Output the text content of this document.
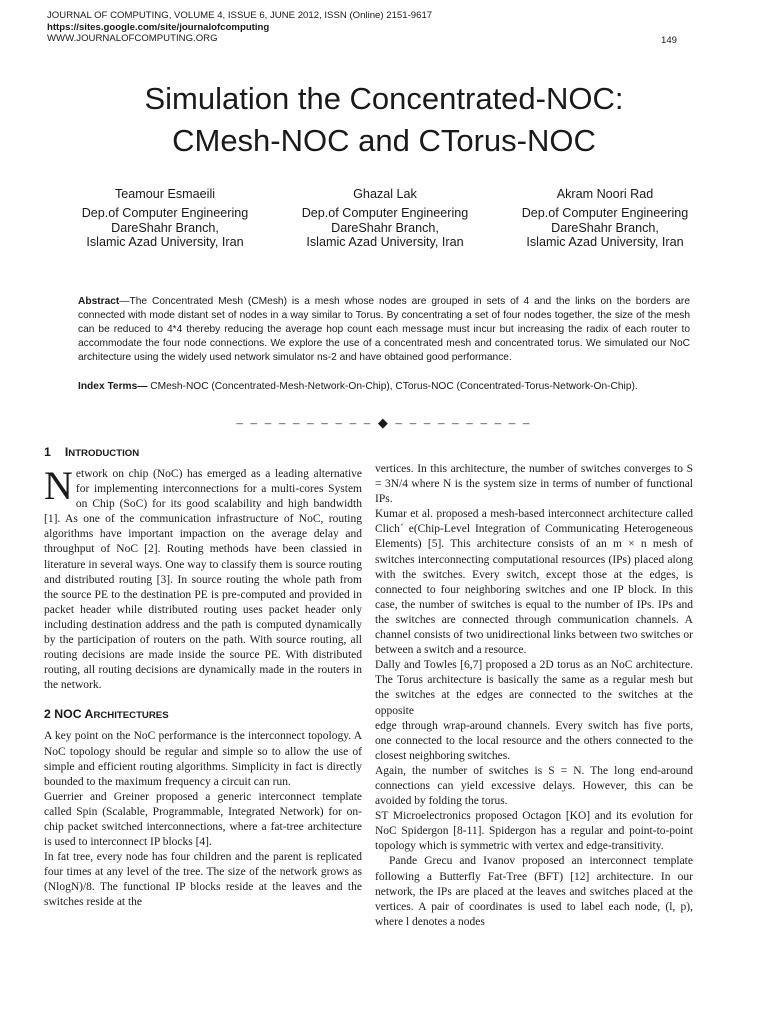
JOURNAL OF COMPUTING, VOLUME 4, ISSUE 6, JUNE 2012, ISSN (Online) 2151-9617
https://sites.google.com/site/journalofcomputing
WWW.JOURNALOFCOMPUTING.ORG	149
Simulation the Concentrated-NOC:
CMesh-NOC and CTorus-NOC
Teamour Esmaeili
Dep.of Computer Engineering
DareShahr Branch,
Islamic Azad University, Iran
Ghazal Lak
Dep.of Computer Engineering
DareShahr Branch,
Islamic Azad University, Iran
Akram Noori Rad
Dep.of Computer Engineering
DareShahr Branch,
Islamic Azad University, Iran
Abstract—The Concentrated Mesh (CMesh) is a mesh whose nodes are grouped in sets of 4 and the links on the borders are connected with mode distant set of nodes in a way similar to Torus. By concentrating a set of four nodes together, the size of the mesh can be reduced to 4*4 thereby reducing the average hop count each message must incur but increasing the radix of each router to accommodate the four node connections. We explore the use of a concentrated mesh and concentrated torus. We simulated our NoC architecture using the widely used network simulator ns-2 and have obtained good performance.
Index Terms— CMesh-NOC (Concentrated-Mesh-Network-On-Chip), CTorus-NOC (Concentrated-Torus-Network-On-Chip).
– – – – – – – – – – ◆ – – – – – – – – – –
1 INTRODUCTION

Network on chip (NoC) has emerged as a leading alternative for implementing interconnections for a multi-cores System on Chip (SoC) for its good scalability and high bandwidth [1]. As one of the communication infrastructure of NoC, routing algorithms have important impaction on the average delay and throughput of NoC [2]. Routing methods have been classied in literature in several ways. One way to classify them is source routing and distributed routing [3]. In source routing the whole path from the source PE to the destination PE is pre-computed and provided in packet header while distributed routing uses packet header only including destination address and the path is computed dynamically by the participation of routers on the path. With source routing, all routing decisions are made inside the source PE. With distributed routing, all routing decisions are dynamically made in the routers in the network.

2 NOC ARCHITECTURES

A key point on the NoC performance is the interconnect topology. A NoC topology should be regular and simple so to allow the use of simple and efficient routing algorithms. Simplicity in fact is directly bounded to the maximum frequency a circuit can run.

Guerrier and Greiner proposed a generic interconnect template called Spin (Scalable, Programmable, Integrated Network) for on-chip packet switched interconnections, where a fat-tree architecture is used to interconnect IP blocks [4].

In fat tree, every node has four children and the parent is replicated four times at any level of the tree. The size of the network grows as (NlogN)/8. The functional IP blocks reside at the leaves and the switches reside at the

vertices. In this architecture, the number of switches converges to S = 3N/4 where N is the system size in terms of number of functional IPs.

Kumar et al. proposed a mesh-based interconnect architecture called Clich´ e(Chip-Level Integration of Communicating Heterogeneous Elements) [5]. This architecture consists of an m × n mesh of switches interconnecting computational resources (IPs) placed along with the switches. Every switch, except those at the edges, is connected to four neighboring switches and one IP block. In this case, the number of switches is equal to the number of IPs. IPs and the switches are connected through communication channels. A channel consists of two unidirectional links between two switches or between a switch and a resource.

Dally and Towles [6,7] proposed a 2D torus as an NoC architecture. The Torus architecture is basically the same as a regular mesh but the switches at the edges are connected to the switches at the opposite

edge through wrap-around channels. Every switch has five ports, one connected to the local resource and the others connected to the closest neighboring switches.

Again, the number of switches is S = N. The long end-around connections can yield excessive delays. However, this can be avoided by folding the torus.

ST Microelectronics proposed Octagon [KO] and its evolution for NoC Spidergon [8-11]. Spidergon has a regular and point-to-point topology which is symmetric with vertex and edge-transitivity.

Pande Grecu and Ivanov proposed an interconnect template following a Butterfly Fat-Tree (BFT) [12] architecture. In our network, the IPs are placed at the leaves and switches placed at the vertices. A pair of coordinates is used to label each node, (l, p), where l denotes a nodes
